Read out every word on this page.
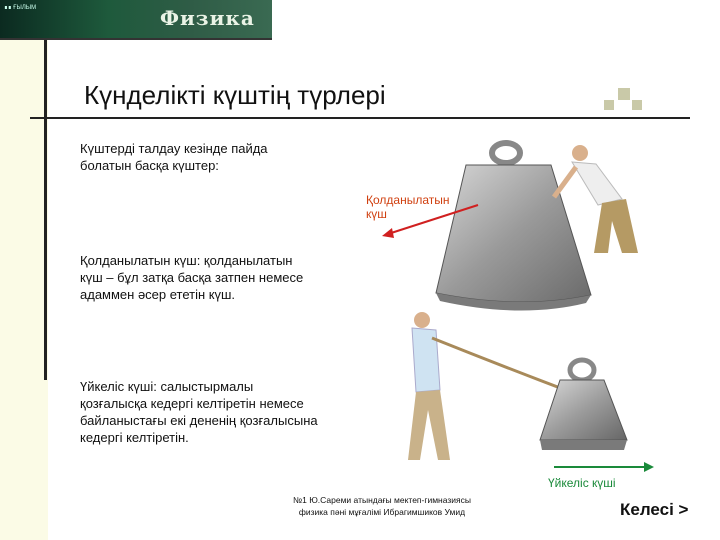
∎∎ ҒЫЛЫМ	Физика
Күнделікті күштің түрлері
Күштерді талдау кезінде пайда
болатын басқа күштер:
Қолданылатын
күш
Қолданылатын күш: қолданылатын
күш – бұл затқа басқа затпен немесе
адаммен әсер ететін күш.
Үйкеліс күші
Үйкеліс күші: салыстырмалы
қозғалысқа кедергі келтіретін немесе
байланыстағы екі дененің қозғалысына
кедергі келтіретін.
№1 Ю.Сареми атындағы мектеп-гимназиясы
физика пәні мұғалімі Ибрагимшиков Умид	Келесі >
